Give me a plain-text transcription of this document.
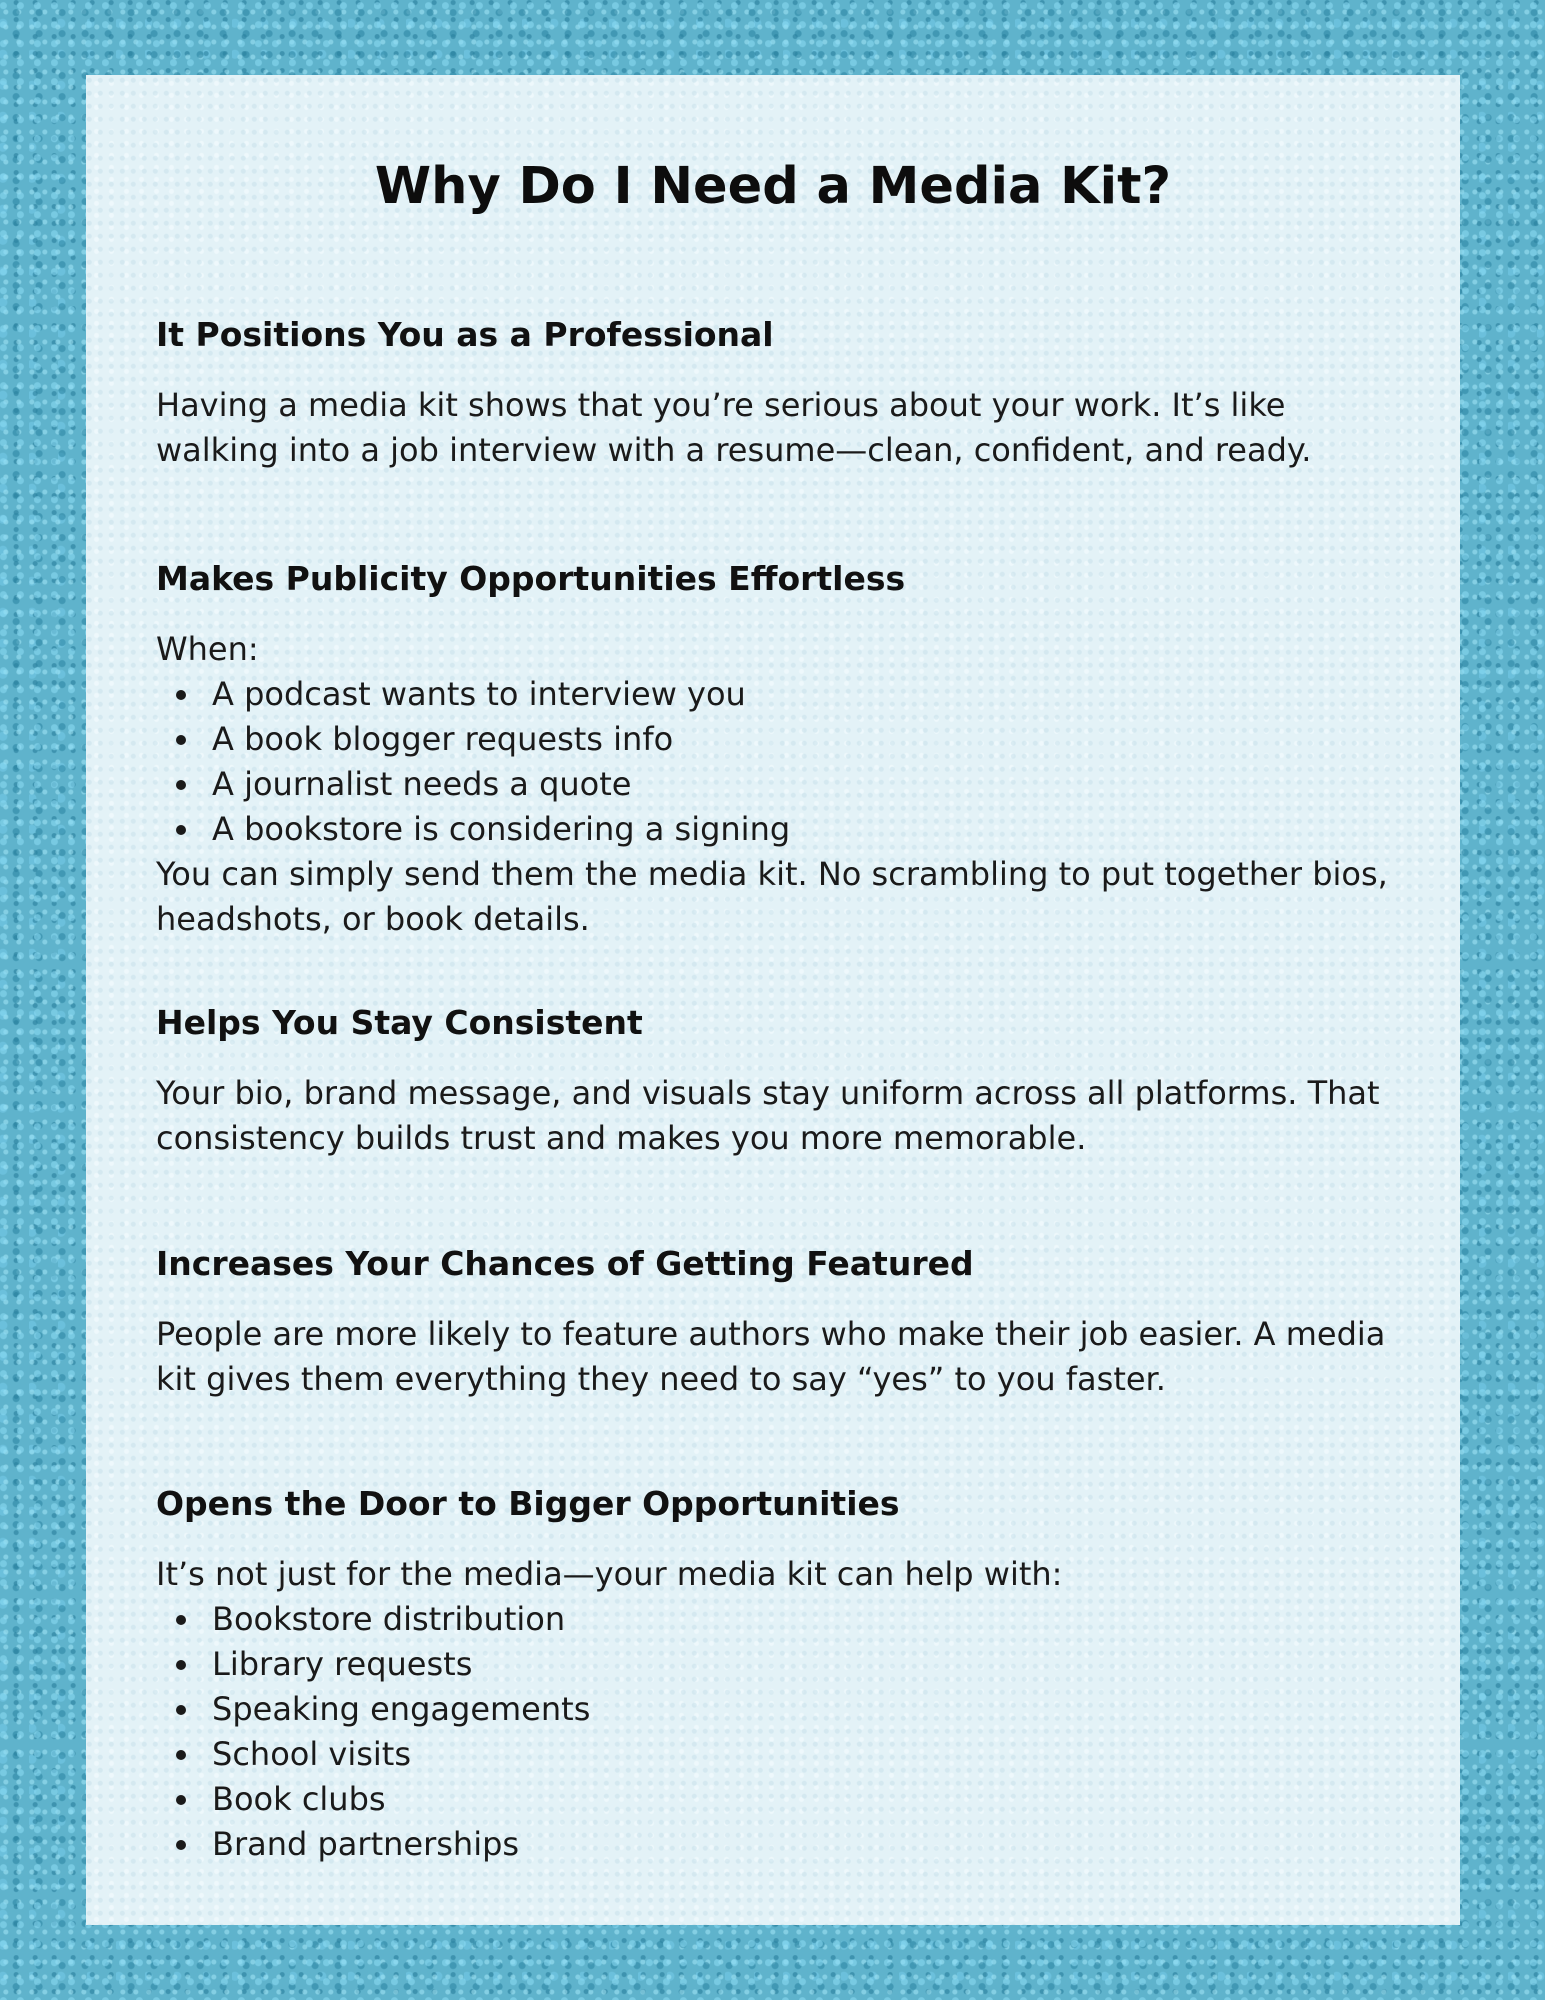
Why Do I Need a Media Kit?
It Positions You as a Professional

Having a media kit shows that you’re serious about your work. It’s like walking into a job interview with a resume—clean, confident, and ready.

Makes Publicity Opportunities Effortless

When:

A podcast wants to interview you
A book blogger requests info
A journalist needs a quote
A bookstore is considering a signing

You can simply send them the media kit. No scrambling to put together bios, headshots, or book details.

Helps You Stay Consistent

Your bio, brand message, and visuals stay uniform across all platforms. That consistency builds trust and makes you more memorable.

Increases Your Chances of Getting Featured

People are more likely to feature authors who make their job easier. A media kit gives them everything they need to say “yes” to you faster.

Opens the Door to Bigger Opportunities

It’s not just for the media—your media kit can help with:

Bookstore distribution
Library requests
Speaking engagements
School visits
Book clubs
Brand partnerships
